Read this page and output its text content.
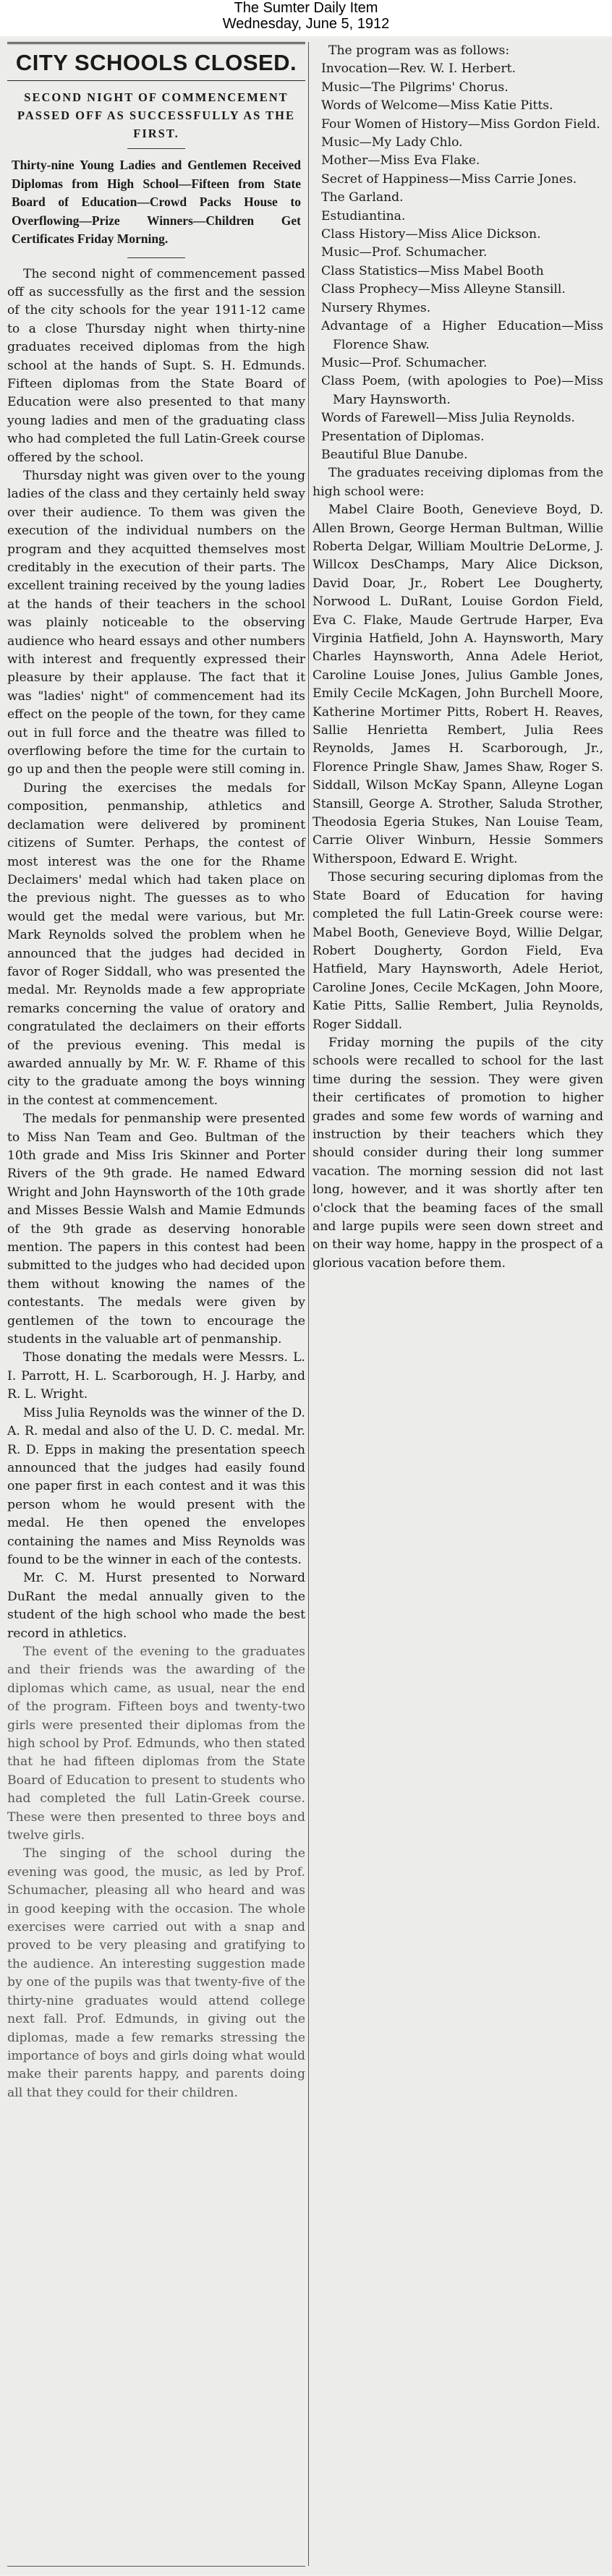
The Sumter Daily Item
Wednesday, June 5, 1912
CITY SCHOOLS CLOSED.
SECOND NIGHT OF COMMENCEMENT PASSED OFF AS SUCCESSFULLY AS THE FIRST.
Thirty-nine Young Ladies and Gentlemen Received Diplomas from High School—Fifteen from State Board of Education—Crowd Packs House to Overflowing—Prize Winners—Children Get Certificates Friday Morning.

The second night of commencement passed off as successfully as the first and the session of the city schools for the year 1911-12 came to a close Thursday night when thirty-nine graduates received diplomas from the high school at the hands of Supt. S. H. Edmunds. Fifteen diplomas from the State Board of Education were also presented to that many young ladies and men of the graduating class who had completed the full Latin-Greek course offered by the school.

Thursday night was given over to the young ladies of the class and they certainly held sway over their audience. To them was given the execution of the individual numbers on the program and they acquitted themselves most creditably in the execution of their parts. The excellent training received by the young ladies at the hands of their teachers in the school was plainly noticeable to the observing audience who heard essays and other numbers with interest and frequently expressed their pleasure by their applause. The fact that it was "ladies' night" of commencement had its effect on the people of the town, for they came out in full force and the theatre was filled to overflowing before the time for the curtain to go up and then the people were still coming in.

During the exercises the medals for composition, penmanship, athletics and declamation were delivered by prominent citizens of Sumter. Perhaps, the contest of most interest was the one for the Rhame Declaimers' medal which had taken place on the previous night. The guesses as to who would get the medal were various, but Mr. Mark Reynolds solved the problem when he announced that the judges had decided in favor of Roger Siddall, who was presented the medal. Mr. Reynolds made a few appropriate remarks concerning the value of oratory and congratulated the declaimers on their efforts of the previous evening. This medal is awarded annually by Mr. W. F. Rhame of this city to the graduate among the boys winning in the contest at commencement.

The medals for penmanship were presented to Miss Nan Team and Geo. Bultman of the 10th grade and Miss Iris Skinner and Porter Rivers of the 9th grade. He named Edward Wright and John Haynsworth of the 10th grade and Misses Bessie Walsh and Mamie Edmunds of the 9th grade as deserving honorable mention. The papers in this contest had been submitted to the judges who had decided upon them without knowing the names of the contestants. The medals were given by gentlemen of the town to encourage the students in the valuable art of penmanship.

Those donating the medals were Messrs. L. I. Parrott, H. L. Scarborough, H. J. Harby, and R. L. Wright.

Miss Julia Reynolds was the winner of the D. A. R. medal and also of the U. D. C. medal. Mr. R. D. Epps in making the presentation speech announced that the judges had easily found one paper first in each contest and it was this person whom he would present with the medal. He then opened the envelopes containing the names and Miss Reynolds was found to be the winner in each of the contests.

Mr. C. M. Hurst presented to Norward DuRant the medal annually given to the student of the high school who made the best record in athletics.

The event of the evening to the graduates and their friends was the awarding of the diplomas which came, as usual, near the end of the program. Fifteen boys and twenty-two girls were presented their diplomas from the high school by Prof. Edmunds, who then stated that he had fifteen diplomas from the State Board of Education to present to students who had completed the full Latin-Greek course. These were then presented to three boys and twelve girls.

The singing of the school during the evening was good, the music, as led by Prof. Schumacher, pleasing all who heard and was in good keeping with the occasion. The whole exercises were carried out with a snap and proved to be very pleasing and gratifying to the audience. An interesting suggestion made by one of the pupils was that twenty-five of the thirty-nine graduates would attend college next fall. Prof. Edmunds, in giving out the diplomas, made a few remarks stressing the importance of boys and girls doing what would make their parents happy, and parents doing all that they could for their children.

The program was as follows:

Invocation—Rev. W. I. Herbert.

Music—The Pilgrims' Chorus.

Words of Welcome—Miss Katie Pitts.

Four Women of History—Miss Gordon Field.

Music—My Lady Chlo.

Mother—Miss Eva Flake.

Secret of Happiness—Miss Carrie Jones.

The Garland.

Estudiantina.

Class History—Miss Alice Dickson.

Music—Prof. Schumacher.

Class Statistics—Miss Mabel Booth

Class Prophecy—Miss Alleyne Stansill.

Nursery Rhymes.

Advantage of a Higher Education—Miss Florence Shaw.

Music—Prof. Schumacher.

Class Poem, (with apologies to Poe)—Miss Mary Haynsworth.

Words of Farewell—Miss Julia Reynolds.

Presentation of Diplomas.

Beautiful Blue Danube.

The graduates receiving diplomas from the high school were:

Mabel Claire Booth, Genevieve Boyd, D. Allen Brown, George Herman Bultman, Willie Roberta Delgar, William Moultrie DeLorme, J. Willcox DesChamps, Mary Alice Dickson, David Doar, Jr., Robert Lee Dougherty, Norwood L. DuRant, Louise Gordon Field, Eva C. Flake, Maude Gertrude Harper, Eva Virginia Hatfield, John A. Haynsworth, Mary Charles Haynsworth, Anna Adele Heriot, Caroline Louise Jones, Julius Gamble Jones, Emily Cecile McKagen, John Burchell Moore, Katherine Mortimer Pitts, Robert H. Reaves, Sallie Henrietta Rembert, Julia Rees Reynolds, James H. Scarborough, Jr., Florence Pringle Shaw, James Shaw, Roger S. Siddall, Wilson McKay Spann, Alleyne Logan Stansill, George A. Strother, Saluda Strother, Theodosia Egeria Stukes, Nan Louise Team, Carrie Oliver Winburn, Hessie Sommers Witherspoon, Edward E. Wright.

Those securing securing diplomas from the State Board of Education for having completed the full Latin-Greek course were: Mabel Booth, Genevieve Boyd, Willie Delgar, Robert Dougherty, Gordon Field, Eva Hatfield, Mary Haynsworth, Adele Heriot, Caroline Jones, Cecile McKagen, John Moore, Katie Pitts, Sallie Rembert, Julia Reynolds, Roger Siddall.

Friday morning the pupils of the city schools were recalled to school for the last time during the session. They were given their certificates of promotion to higher grades and some few words of warning and instruction by their teachers which they should consider during their long summer vacation. The morning session did not last long, however, and it was shortly after ten o'clock that the beaming faces of the small and large pupils were seen down street and on their way home, happy in the prospect of a glorious vacation before them.
